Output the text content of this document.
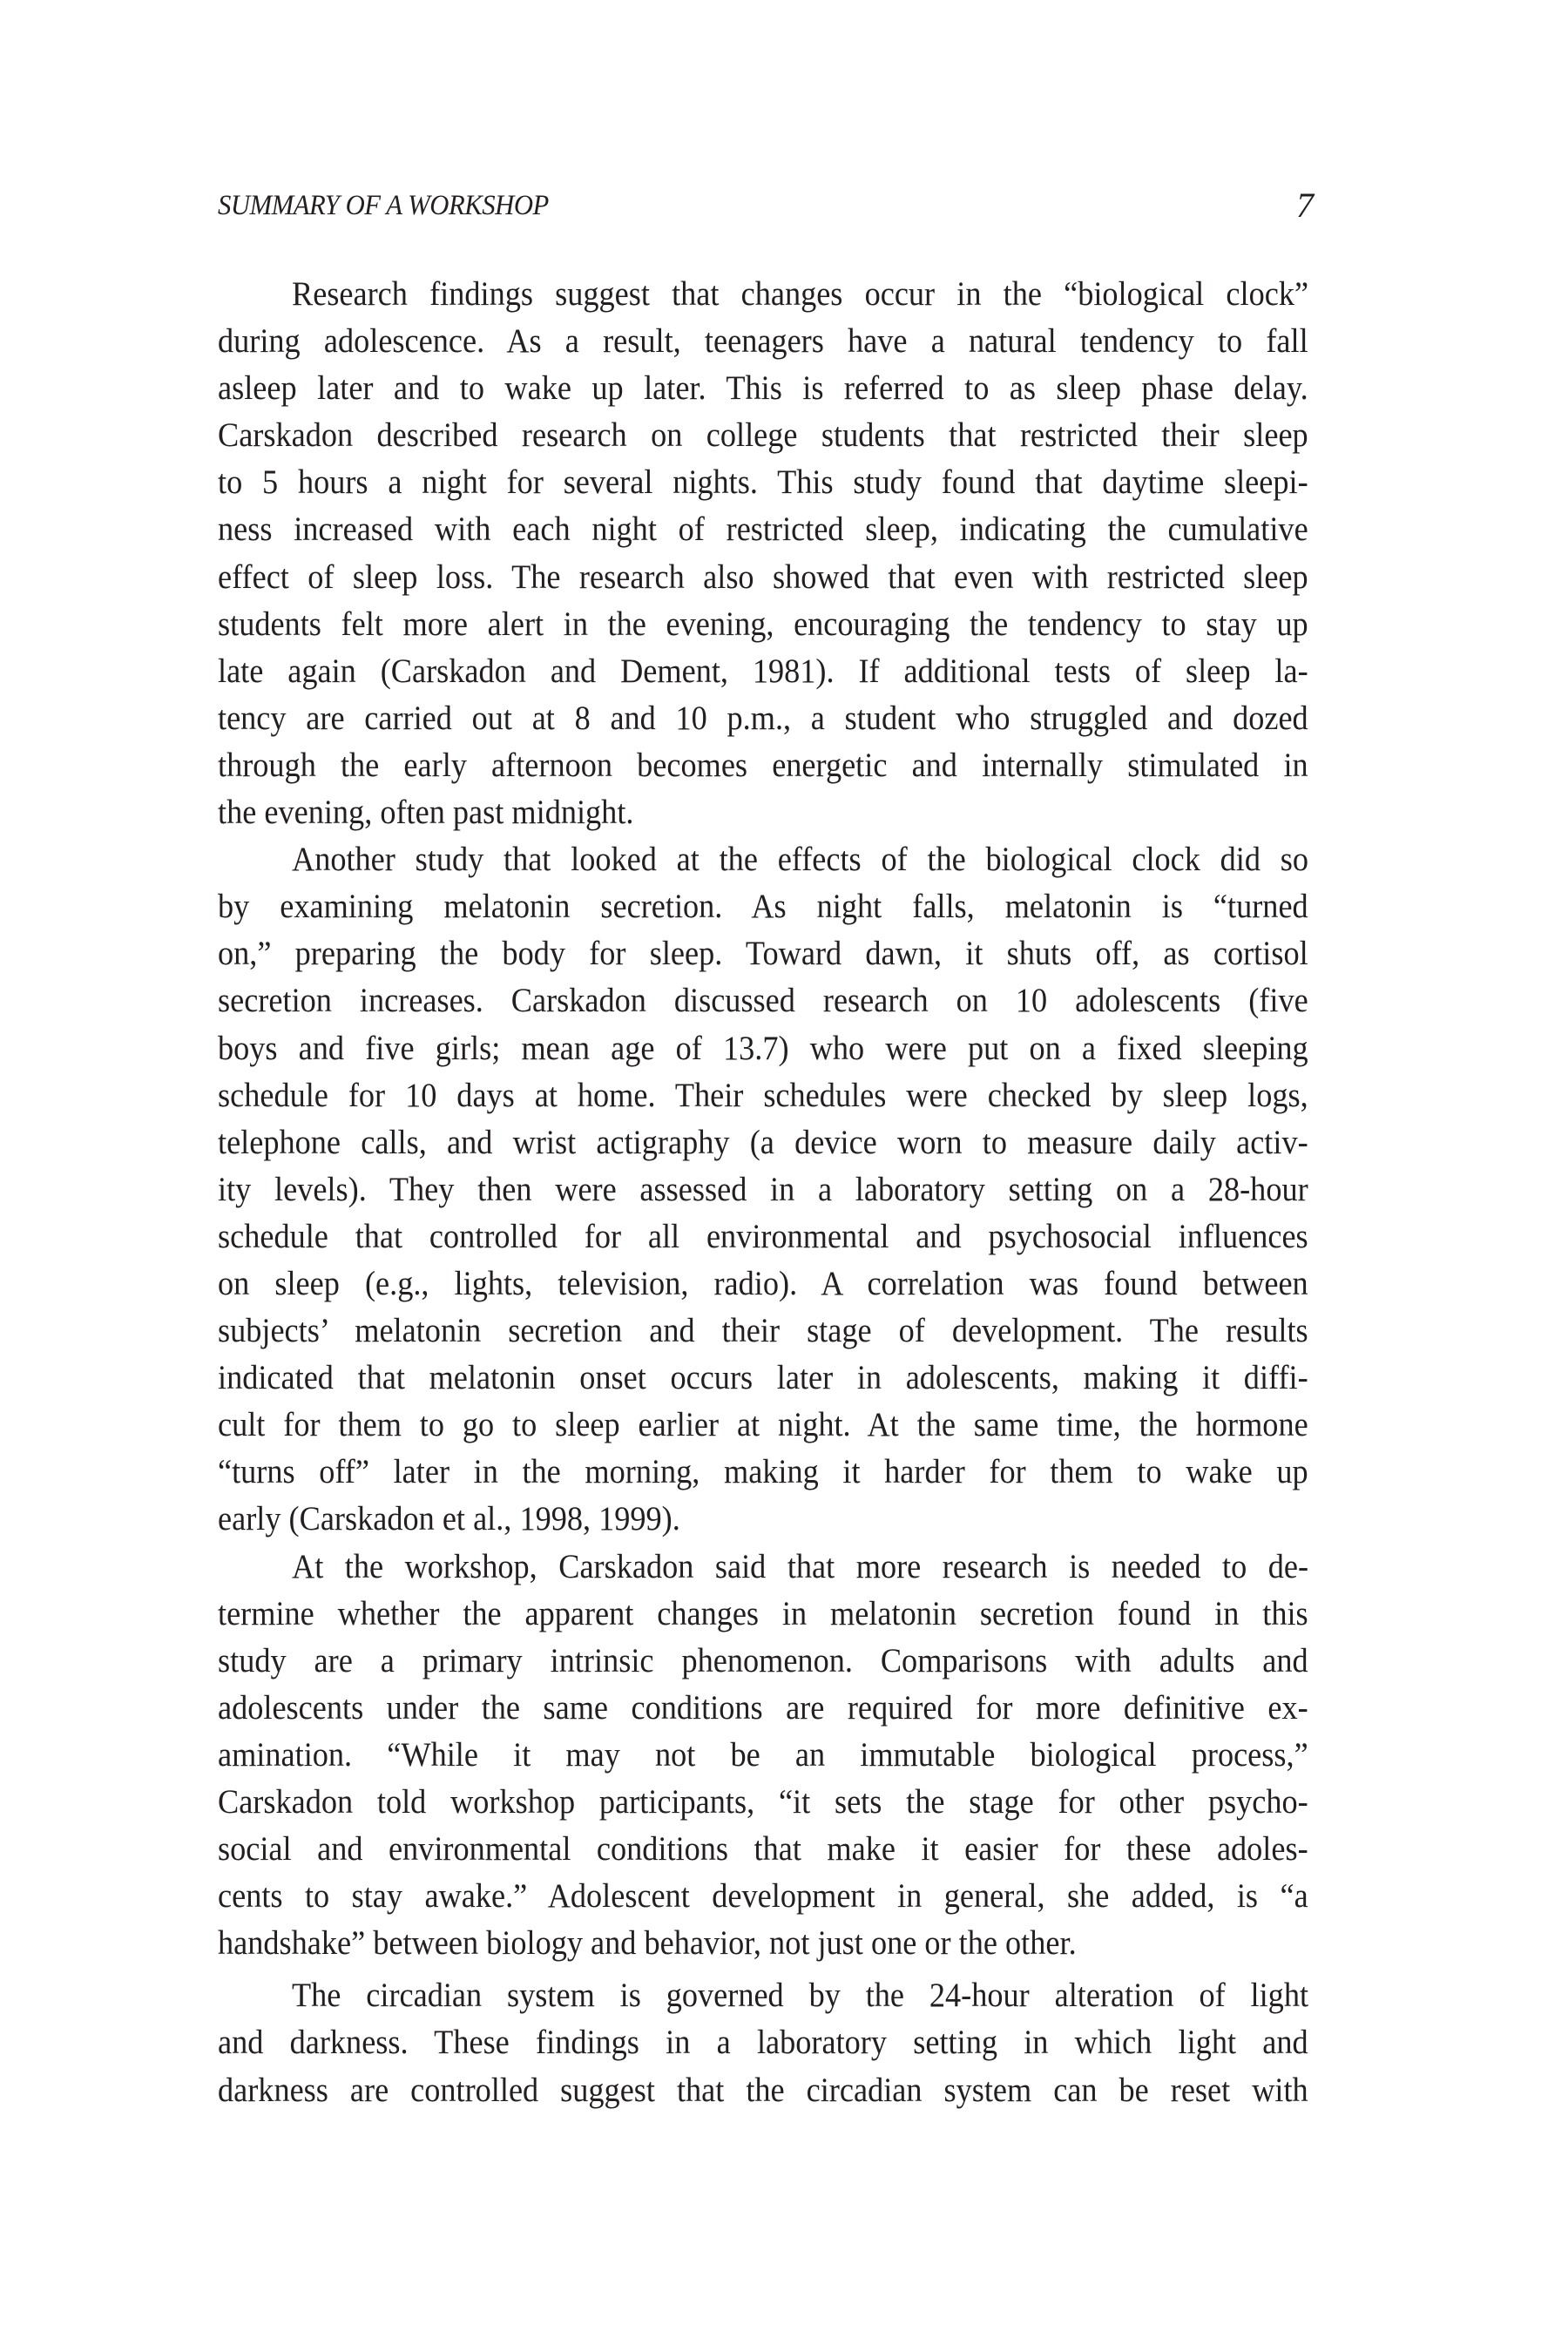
SUMMARY OF A WORKSHOP	7
Research findings suggest that changes occur in the “biological clock”
during adolescence. As a result, teenagers have a natural tendency to fall
asleep later and to wake up later. This is referred to as sleep phase delay.
Carskadon described research on college students that restricted their sleep
to 5 hours a night for several nights. This study found that daytime sleepi-
ness increased with each night of restricted sleep, indicating the cumulative
effect of sleep loss. The research also showed that even with restricted sleep
students felt more alert in the evening, encouraging the tendency to stay up
late again (Carskadon and Dement, 1981). If additional tests of sleep la-
tency are carried out at 8 and 10 p.m., a student who struggled and dozed
through the early afternoon becomes energetic and internally stimulated in
the evening, often past midnight.
Another study that looked at the effects of the biological clock did so
by examining melatonin secretion. As night falls, melatonin is “turned
on,” preparing the body for sleep. Toward dawn, it shuts off, as cortisol
secretion increases. Carskadon discussed research on 10 adolescents (five
boys and five girls; mean age of 13.7) who were put on a fixed sleeping
schedule for 10 days at home. Their schedules were checked by sleep logs,
telephone calls, and wrist actigraphy (a device worn to measure daily activ-
ity levels). They then were assessed in a laboratory setting on a 28-hour
schedule that controlled for all environmental and psychosocial influences
on sleep (e.g., lights, television, radio). A correlation was found between
subjects’ melatonin secretion and their stage of development. The results
indicated that melatonin onset occurs later in adolescents, making it diffi-
cult for them to go to sleep earlier at night. At the same time, the hormone
“turns off” later in the morning, making it harder for them to wake up
early (Carskadon et al., 1998, 1999).
At the workshop, Carskadon said that more research is needed to de-
termine whether the apparent changes in melatonin secretion found in this
study are a primary intrinsic phenomenon. Comparisons with adults and
adolescents under the same conditions are required for more definitive ex-
amination. “While it may not be an immutable biological process,”
Carskadon told workshop participants, “it sets the stage for other psycho-
social and environmental conditions that make it easier for these adoles-
cents to stay awake.” Adolescent development in general, she added, is “a
handshake” between biology and behavior, not just one or the other.
The circadian system is governed by the 24-hour alteration of light
and darkness. These findings in a laboratory setting in which light and
darkness are controlled suggest that the circadian system can be reset with
